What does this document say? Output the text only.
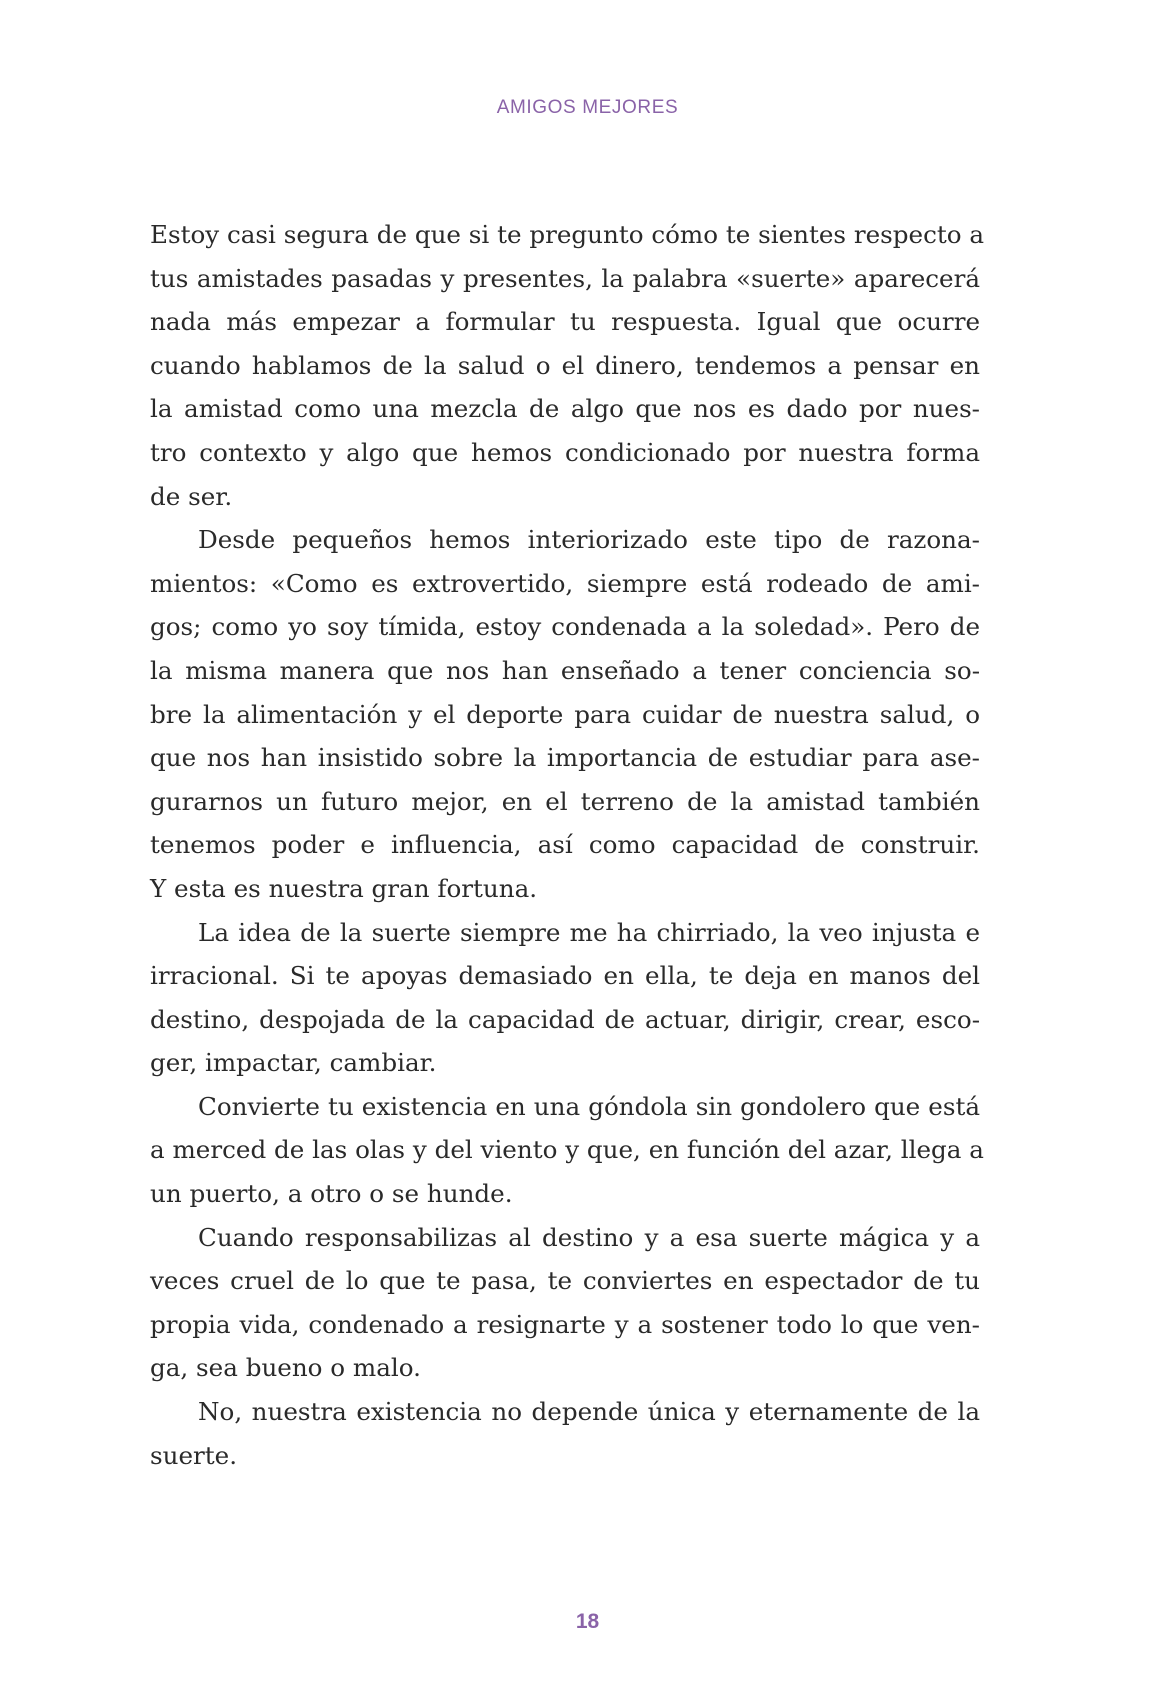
AMIGOS MEJORES
Estoy casi segura de que si te pregunto cómo te sientes respecto a
tus amistades pasadas y presentes, la palabra «suerte» aparecerá
nada más empezar a formular tu respuesta. Igual que ocurre
cuando hablamos de la salud o el dinero, tendemos a pensar en
la amistad como una mezcla de algo que nos es dado por nues-
tro contexto y algo que hemos condicionado por nuestra forma
de ser.
Desde pequeños hemos interiorizado este tipo de razona-
mientos: «Como es extrovertido, siempre está rodeado de ami-
gos; como yo soy tímida, estoy condenada a la soledad». Pero de
la misma manera que nos han enseñado a tener conciencia so-
bre la alimentación y el deporte para cuidar de nuestra salud, o
que nos han insistido sobre la importancia de estudiar para ase-
gurarnos un futuro mejor, en el terreno de la amistad también
tenemos poder e influencia, así como capacidad de construir.
Y esta es nuestra gran fortuna.
La idea de la suerte siempre me ha chirriado, la veo injusta e
irracional. Si te apoyas demasiado en ella, te deja en manos del
destino, despojada de la capacidad de actuar, dirigir, crear, esco-
ger, impactar, cambiar.
Convierte tu existencia en una góndola sin gondolero que está
a merced de las olas y del viento y que, en función del azar, llega a
un puerto, a otro o se hunde.
Cuando responsabilizas al destino y a esa suerte mágica y a
veces cruel de lo que te pasa, te conviertes en espectador de tu
propia vida, condenado a resignarte y a sostener todo lo que ven-
ga, sea bueno o malo.
No, nuestra existencia no depende única y eternamente de la
suerte.
18
